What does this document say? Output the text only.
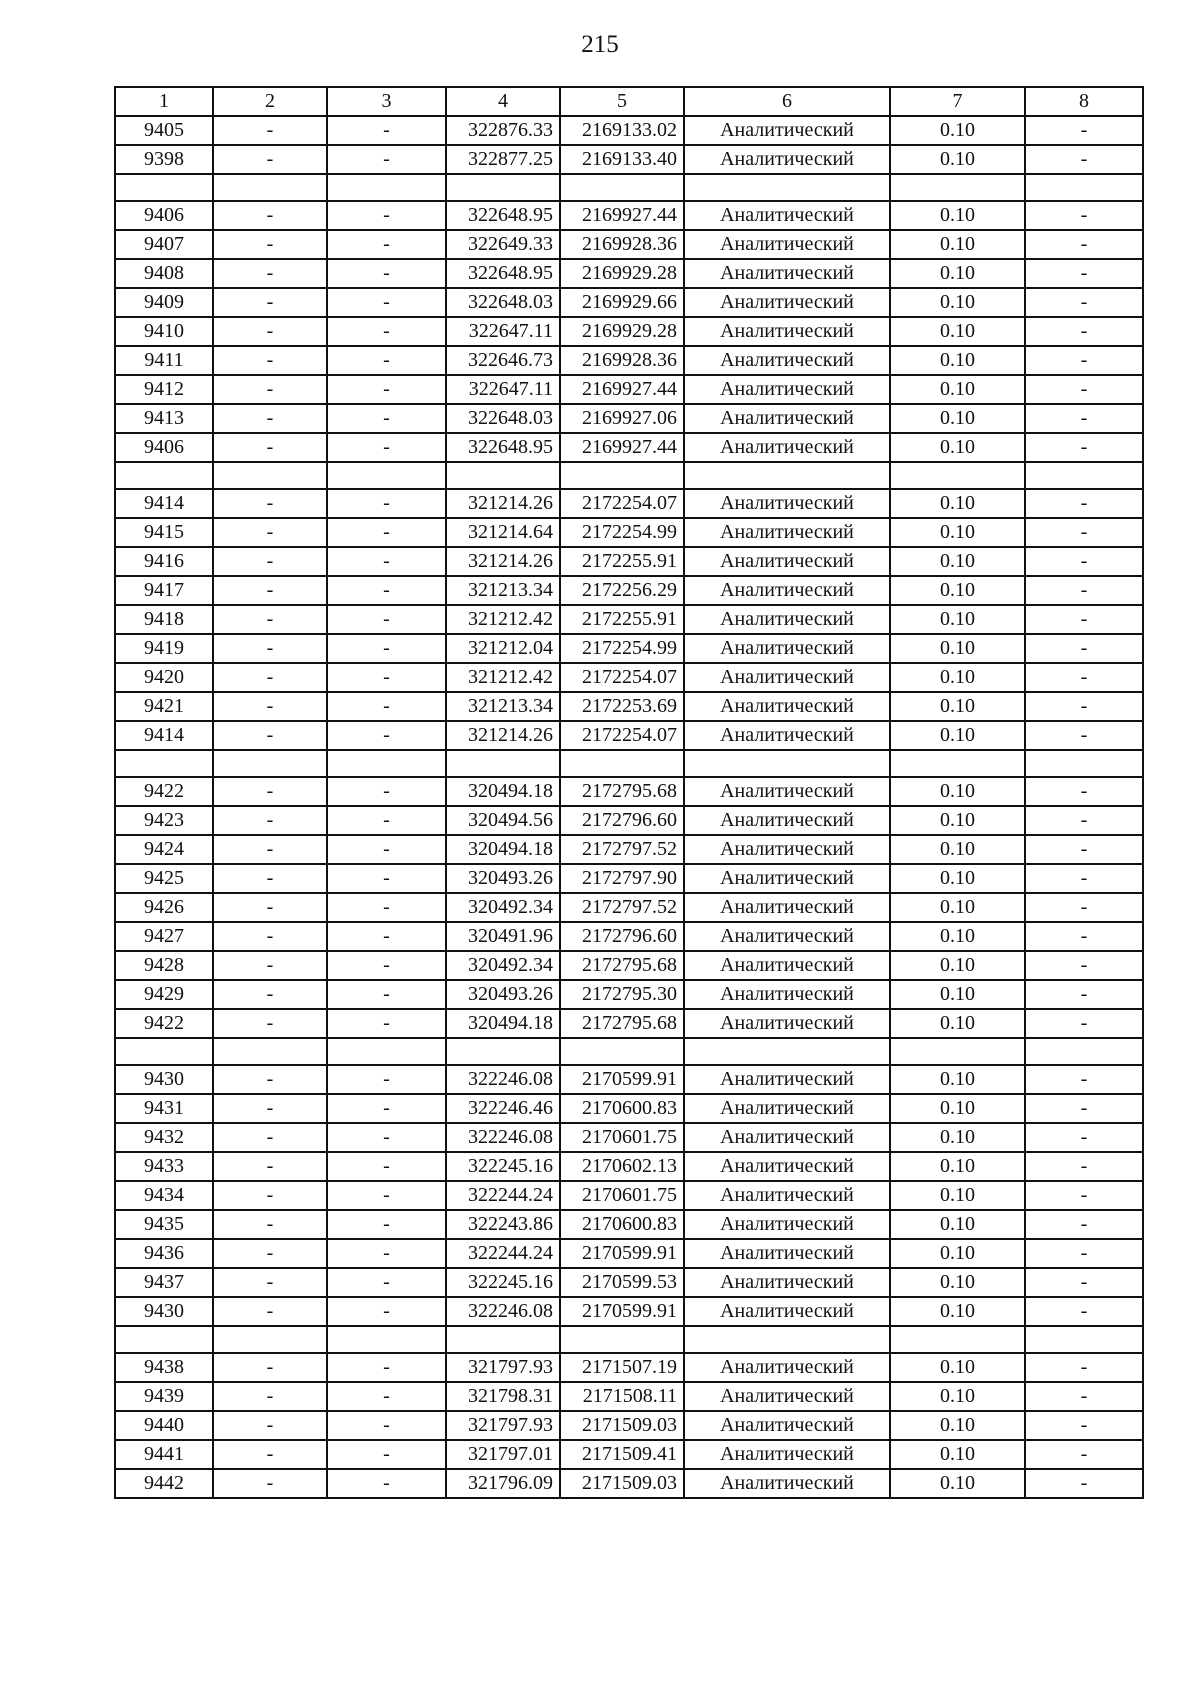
215
1	2	3	4	5	6	7	8
9405	-	-	322876.33	2169133.02	Аналитический	0.10	-
9398	-	-	322877.25	2169133.40	Аналитический	0.10	-

9406	-	-	322648.95	2169927.44	Аналитический	0.10	-
9407	-	-	322649.33	2169928.36	Аналитический	0.10	-
9408	-	-	322648.95	2169929.28	Аналитический	0.10	-
9409	-	-	322648.03	2169929.66	Аналитический	0.10	-
9410	-	-	322647.11	2169929.28	Аналитический	0.10	-
9411	-	-	322646.73	2169928.36	Аналитический	0.10	-
9412	-	-	322647.11	2169927.44	Аналитический	0.10	-
9413	-	-	322648.03	2169927.06	Аналитический	0.10	-
9406	-	-	322648.95	2169927.44	Аналитический	0.10	-

9414	-	-	321214.26	2172254.07	Аналитический	0.10	-
9415	-	-	321214.64	2172254.99	Аналитический	0.10	-
9416	-	-	321214.26	2172255.91	Аналитический	0.10	-
9417	-	-	321213.34	2172256.29	Аналитический	0.10	-
9418	-	-	321212.42	2172255.91	Аналитический	0.10	-
9419	-	-	321212.04	2172254.99	Аналитический	0.10	-
9420	-	-	321212.42	2172254.07	Аналитический	0.10	-
9421	-	-	321213.34	2172253.69	Аналитический	0.10	-
9414	-	-	321214.26	2172254.07	Аналитический	0.10	-

9422	-	-	320494.18	2172795.68	Аналитический	0.10	-
9423	-	-	320494.56	2172796.60	Аналитический	0.10	-
9424	-	-	320494.18	2172797.52	Аналитический	0.10	-
9425	-	-	320493.26	2172797.90	Аналитический	0.10	-
9426	-	-	320492.34	2172797.52	Аналитический	0.10	-
9427	-	-	320491.96	2172796.60	Аналитический	0.10	-
9428	-	-	320492.34	2172795.68	Аналитический	0.10	-
9429	-	-	320493.26	2172795.30	Аналитический	0.10	-
9422	-	-	320494.18	2172795.68	Аналитический	0.10	-

9430	-	-	322246.08	2170599.91	Аналитический	0.10	-
9431	-	-	322246.46	2170600.83	Аналитический	0.10	-
9432	-	-	322246.08	2170601.75	Аналитический	0.10	-
9433	-	-	322245.16	2170602.13	Аналитический	0.10	-
9434	-	-	322244.24	2170601.75	Аналитический	0.10	-
9435	-	-	322243.86	2170600.83	Аналитический	0.10	-
9436	-	-	322244.24	2170599.91	Аналитический	0.10	-
9437	-	-	322245.16	2170599.53	Аналитический	0.10	-
9430	-	-	322246.08	2170599.91	Аналитический	0.10	-

9438	-	-	321797.93	2171507.19	Аналитический	0.10	-
9439	-	-	321798.31	2171508.11	Аналитический	0.10	-
9440	-	-	321797.93	2171509.03	Аналитический	0.10	-
9441	-	-	321797.01	2171509.41	Аналитический	0.10	-
9442	-	-	321796.09	2171509.03	Аналитический	0.10	-
